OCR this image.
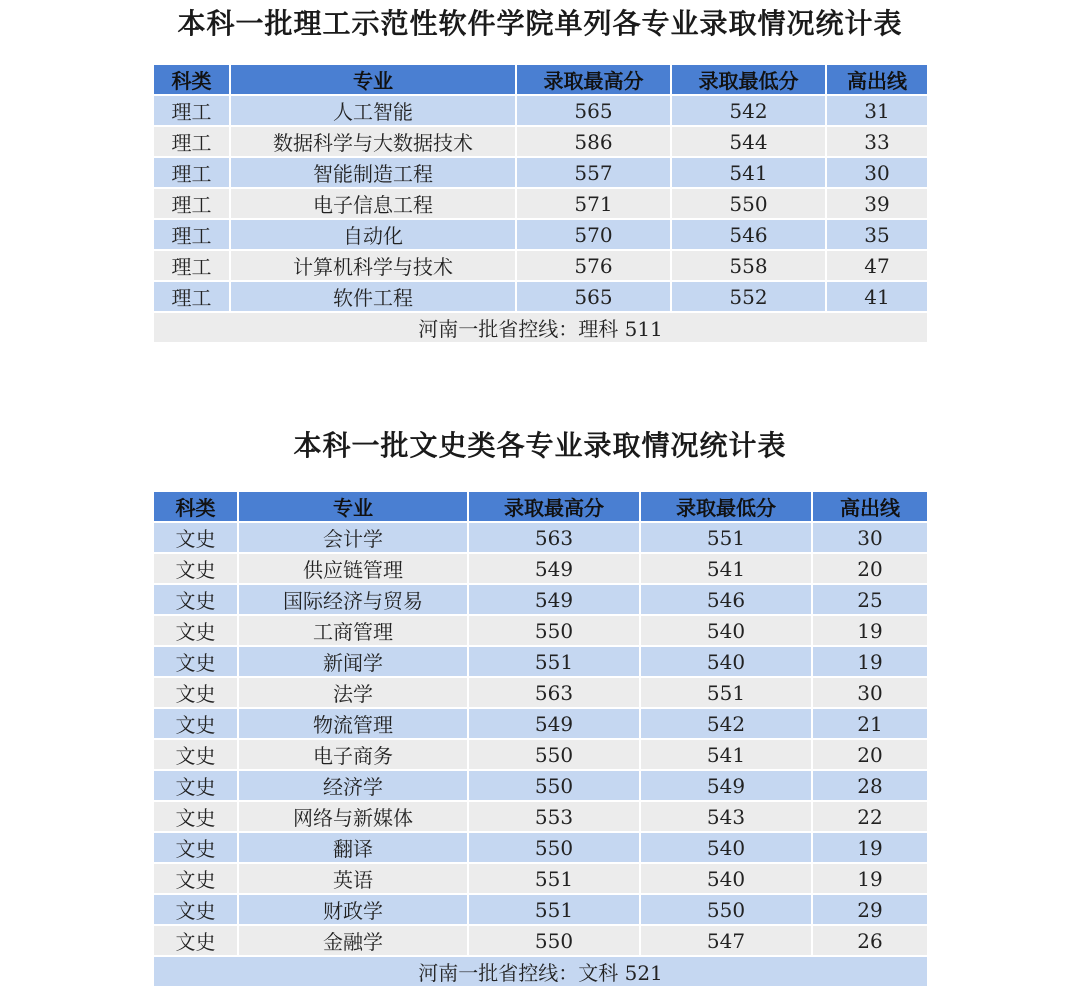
本科一批理工示范性软件学院单列各专业录取情况统计表
科类	专业	录取最高分	录取最低分	高出线
理工	人工智能	565	542	31
理工	数据科学与大数据技术	586	544	33
理工	智能制造工程	557	541	30
理工	电子信息工程	571	550	39
理工	自动化	570	546	35
理工	计算机科学与技术	576	558	47
理工	软件工程	565	552	41
河南一批省控线：理科 511				
本科一批文史类各专业录取情况统计表
科类	专业	录取最高分	录取最低分	高出线
文史	会计学	563	551	30
文史	供应链管理	549	541	20
文史	国际经济与贸易	549	546	25
文史	工商管理	550	540	19
文史	新闻学	551	540	19
文史	法学	563	551	30
文史	物流管理	549	542	21
文史	电子商务	550	541	20
文史	经济学	550	549	28
文史	网络与新媒体	553	543	22
文史	翻译	550	540	19
文史	英语	551	540	19
文史	财政学	551	550	29
文史	金融学	550	547	26
河南一批省控线：文科 521				
